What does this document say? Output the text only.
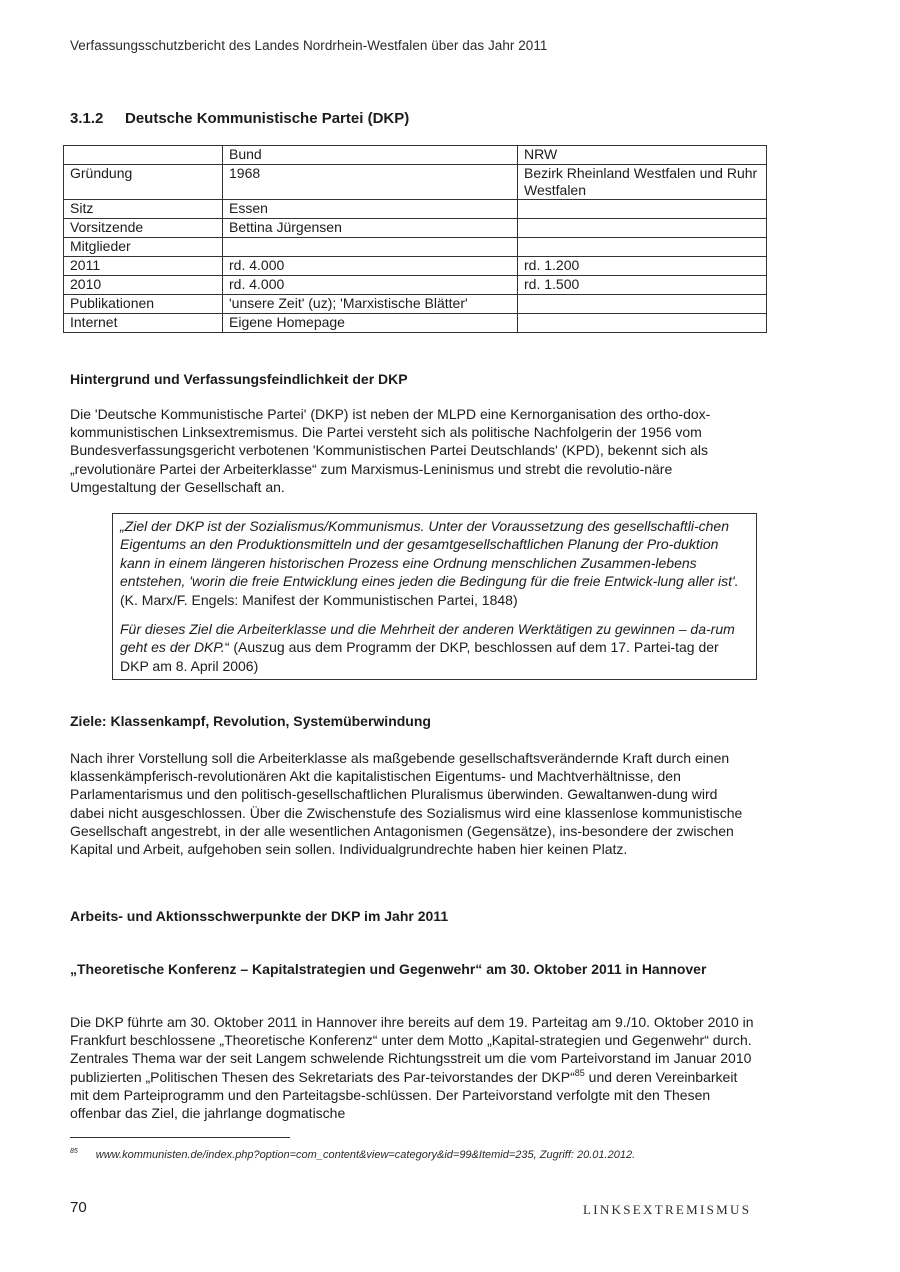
Verfassungsschutzbericht des Landes Nordrhein-Westfalen über das Jahr 2011
3.1.2 Deutsche Kommunistische Partei (DKP)
	Bund	NRW
Gründung	1968	Bezirk Rheinland Westfalen und Ruhr Westfalen
Sitz	Essen	
Vorsitzende	Bettina Jürgensen	
Mitglieder		
2011	rd. 4.000	rd. 1.200
2010	rd. 4.000	rd. 1.500
Publikationen	'unsere Zeit' (uz); 'Marxistische Blätter'	
Internet	Eigene Homepage	
Hintergrund und Verfassungsfeindlichkeit der DKP
Die 'Deutsche Kommunistische Partei' (DKP) ist neben der MLPD eine Kernorganisation des ortho-dox-kommunistischen Linksextremismus. Die Partei versteht sich als politische Nachfolgerin der 1956 vom Bundesverfassungsgericht verbotenen 'Kommunistischen Partei Deutschlands' (KPD), bekennt sich als „revolutionäre Partei der Arbeiterklasse“ zum Marxismus-Leninismus und strebt die revolutio-näre Umgestaltung der Gesellschaft an.

„Ziel der DKP ist der Sozialismus/Kommunismus. Unter der Voraussetzung des gesellschaftli-chen Eigentums an den Produktionsmitteln und der gesamtgesellschaftlichen Planung der Pro-duktion kann in einem längeren historischen Prozess eine Ordnung menschlichen Zusammen-lebens entstehen, 'worin die freie Entwicklung eines jeden die Bedingung für die freie Entwick-lung aller ist'. (K. Marx/F. Engels: Manifest der Kommunistischen Partei, 1848)

Für dieses Ziel die Arbeiterklasse und die Mehrheit der anderen Werktätigen zu gewinnen – da-rum geht es der DKP.“ (Auszug aus dem Programm der DKP, beschlossen auf dem 17. Partei-tag der DKP am 8. April 2006)

Ziele: Klassenkampf, Revolution, Systemüberwindung
Nach ihrer Vorstellung soll die Arbeiterklasse als maßgebende gesellschaftsverändernde Kraft durch einen klassenkämpferisch-revolutionären Akt die kapitalistischen Eigentums- und Machtverhältnisse, den Parlamentarismus und den politisch-gesellschaftlichen Pluralismus überwinden. Gewaltanwen-dung wird dabei nicht ausgeschlossen. Über die Zwischenstufe des Sozialismus wird eine klassenlose kommunistische Gesellschaft angestrebt, in der alle wesentlichen Antagonismen (Gegensätze), ins-besondere der zwischen Kapital und Arbeit, aufgehoben sein sollen. Individualgrundrechte haben hier keinen Platz.
Arbeits- und Aktionsschwerpunkte der DKP im Jahr 2011
„Theoretische Konferenz – Kapitalstrategien und Gegenwehr“ am 30. Oktober 2011 in Hannover
Die DKP führte am 30. Oktober 2011 in Hannover ihre bereits auf dem 19. Parteitag am 9./10. Oktober 2010 in Frankfurt beschlossene „Theoretische Konferenz“ unter dem Motto „Kapital-strategien und Gegenwehr“ durch. Zentrales Thema war der seit Langem schwelende Richtungsstreit um die vom Parteivorstand im Januar 2010 publizierten „Politischen Thesen des Sekretariats des Par-teivorstandes der DKP“$^{85}$ und deren Vereinbarkeit mit dem Parteiprogramm und den Parteitagsbe-schlüssen. Der Parteivorstand verfolgte mit den Thesen offenbar das Ziel, die jahrlange dogmatische
$^{85}$ www.kommunisten.de/index.php?option=com_content&view=category&id=99&Itemid=235, Zugriff: 20.01.2012.
70	LINKSEXTREMISMUS
